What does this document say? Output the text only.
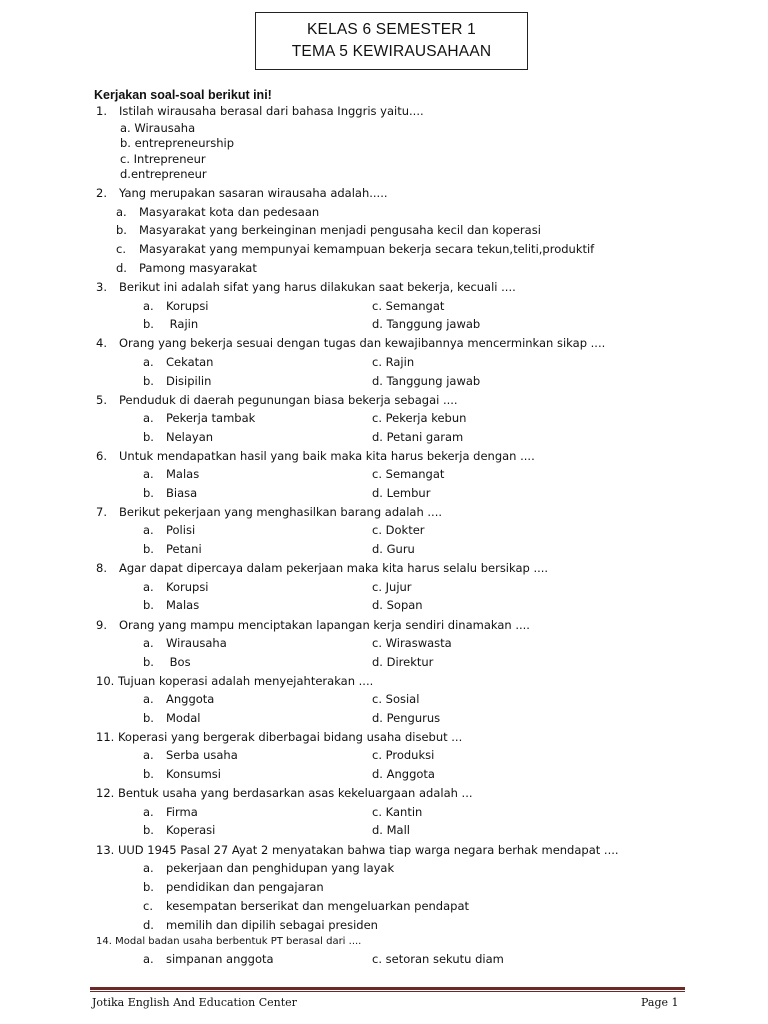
KELAS 6 SEMESTER 1
TEMA 5 KEWIRAUSAHAAN
Kerjakan soal-soal berikut ini!
1. Istilah wirausaha berasal dari bahasa Inggris yaitu....
a. Wirausaha
b. entrepreneurship
c. Intrepreneur
d.entrepreneur
2. Yang merupakan sasaran wirausaha adalah.....
a. Masyarakat kota dan pedesaan
b. Masyarakat yang berkeinginan menjadi pengusaha kecil dan koperasi
c. Masyarakat yang mempunyai kemampuan bekerja secara tekun,teliti,produktif
d. Pamong masyarakat
3. Berikut ini adalah sifat yang harus dilakukan saat bekerja, kecuali ....
a. Korupsi	c. Semangat
b. Rajin	d. Tanggung jawab
4. Orang yang bekerja sesuai dengan tugas dan kewajibannya mencerminkan sikap ....
a. Cekatan	c. Rajin
b. Disipilin	d. Tanggung jawab
5. Penduduk di daerah pegunungan biasa bekerja sebagai ....
a. Pekerja tambak	c. Pekerja kebun
b. Nelayan	d. Petani garam
6. Untuk mendapatkan hasil yang baik maka kita harus bekerja dengan ....
a. Malas	c. Semangat
b. Biasa	d. Lembur
7. Berikut pekerjaan yang menghasilkan barang adalah ....
a. Polisi	c. Dokter
b. Petani	d. Guru
8. Agar dapat dipercaya dalam pekerjaan maka kita harus selalu bersikap ....
a. Korupsi	c. Jujur
b. Malas	d. Sopan
9. Orang yang mampu menciptakan lapangan kerja sendiri dinamakan ....
a. Wirausaha	c. Wiraswasta
b. Bos	d. Direktur
10. Tujuan koperasi adalah menyejahterakan ....
a. Anggota	c. Sosial
b. Modal	d. Pengurus
11. Koperasi yang bergerak diberbagai bidang usaha disebut ...
a. Serba usaha	c. Produksi
b. Konsumsi	d. Anggota
12. Bentuk usaha yang berdasarkan asas kekeluargaan adalah ...
a. Firma	c. Kantin
b. Koperasi	d. Mall
13. UUD 1945 Pasal 27 Ayat 2 menyatakan bahwa tiap warga negara berhak mendapat ....
a. pekerjaan dan penghidupan yang layak
b. pendidikan dan pengajaran
c. kesempatan berserikat dan mengeluarkan pendapat
d. memilih dan dipilih sebagai presiden
14. Modal badan usaha berbentuk PT berasal dari ....
a. simpanan anggota	c. setoran sekutu diam
Jotika English And Education Center	Page 1
